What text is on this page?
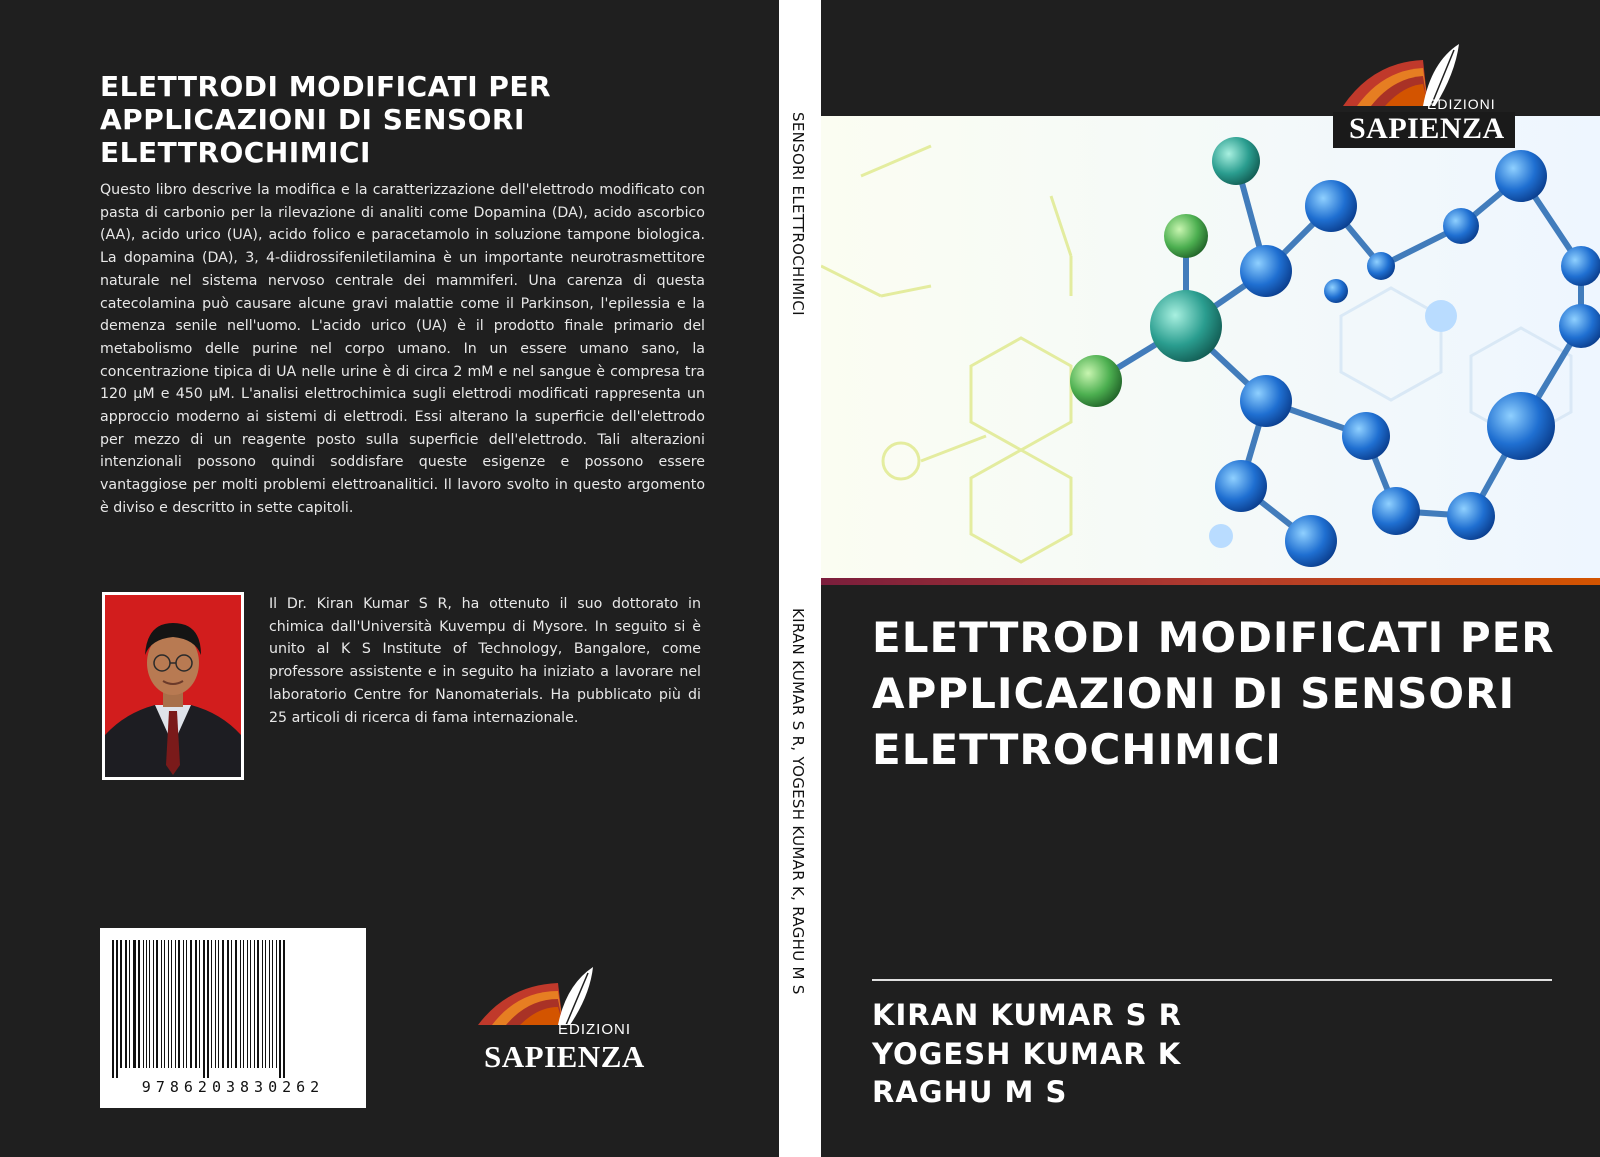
ELETTRODI MODIFICATI PER APPLICAZIONI DI SENSORI ELETTROCHIMICI
Questo libro descrive la modifica e la caratterizzazione dell'elettrodo modificato con pasta di carbonio per la rilevazione di analiti come Dopamina (DA), acido ascorbico (AA), acido urico (UA), acido folico e paracetamolo in soluzione tampone biologica. La dopamina (DA), 3, 4-diidrossifeniletilamina è un importante neurotrasmettitore naturale nel sistema nervoso centrale dei mammiferi. Una carenza di questa catecolamina può causare alcune gravi malattie come il Parkinson, l'epilessia e la demenza senile nell'uomo. L'acido urico (UA) è il prodotto finale primario del metabolismo delle purine nel corpo umano. In un essere umano sano, la concentrazione tipica di UA nelle urine è di circa 2 mM e nel sangue è compresa tra 120 µM e 450 µM. L'analisi elettrochimica sugli elettrodi modificati rappresenta un approccio moderno ai sistemi di elettrodi. Essi alterano la superficie dell'elettrodo per mezzo di un reagente posto sulla superficie dell'elettrodo. Tali alterazioni intenzionali possono quindi soddisfare queste esigenze e possono essere vantaggiose per molti problemi elettroanalitici. Il lavoro svolto in questo argomento è diviso e descritto in sette capitoli.
Il Dr. Kiran Kumar S R, ha ottenuto il suo dottorato in chimica dall'Università Kuvempu di Mysore. In seguito si è unito al K S Institute of Technology, Bangalore, come professore assistente e in seguito ha iniziato a lavorare nel laboratorio Centre for Nanomaterials. Ha pubblicato più di 25 articoli di ricerca di fama internazionale.
9786203830262
EDIZIONI
SAPIENZA
SENSORI ELETTROCHIMICI
KIRAN KUMAR S R, YOGESH KUMAR K, RAGHU M S
EDIZIONI
SAPIENZA
ELETTRODI MODIFICATI PER APPLICAZIONI DI SENSORI ELETTROCHIMICI
KIRAN KUMAR S R
YOGESH KUMAR K
RAGHU M S
